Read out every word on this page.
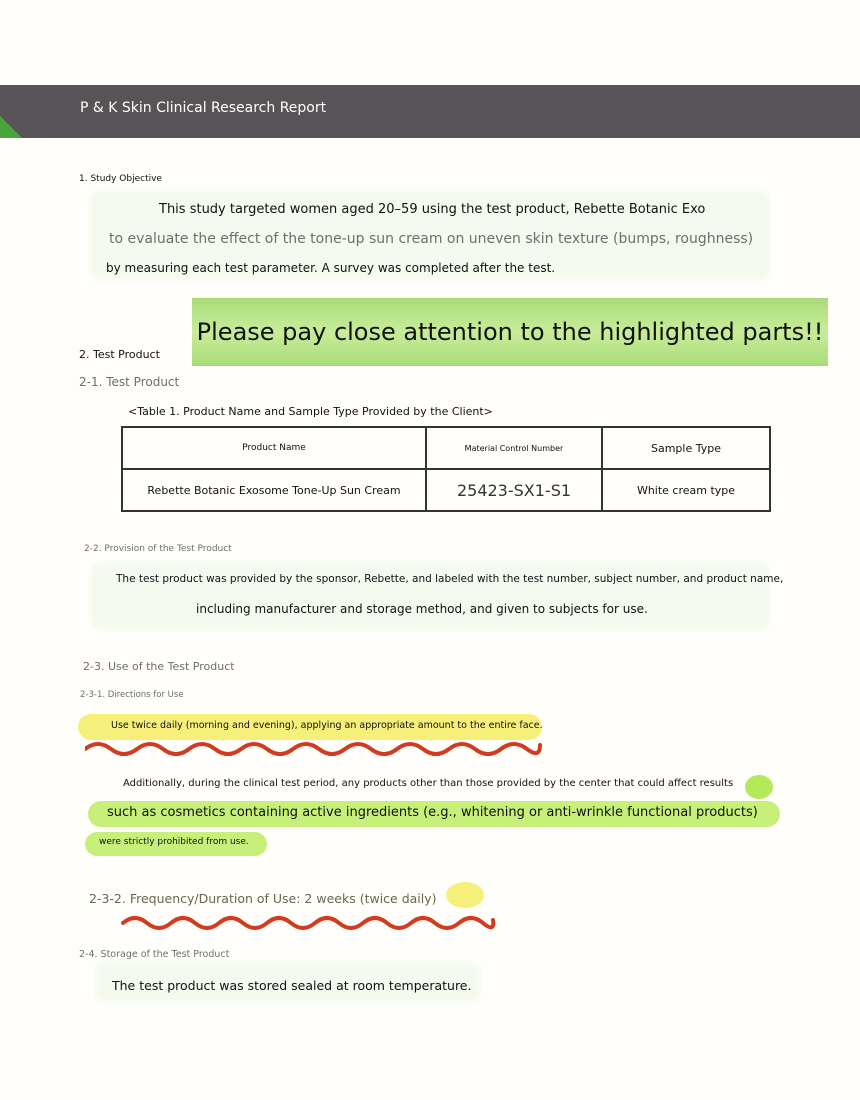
P & K Skin Clinical Research Report
1. Study Objective
This study targeted women aged 20–59 using the test product, Rebette Botanic Exo
to evaluate the effect of the tone-up sun cream on uneven skin texture (bumps, roughness)
by measuring each test parameter. A survey was completed after the test.
Please pay close attention to the highlighted parts!!
2. Test Product
2-1. Test Product
<Table 1. Product Name and Sample Type Provided by the Client>
Product Name	Material Control Number	Sample Type
Rebette Botanic Exosome Tone-Up Sun Cream	25423-SX1-S1	White cream type
2-2. Provision of the Test Product
The test product was provided by the sponsor, Rebette, and labeled with the test number, subject number, and product name,
including manufacturer and storage method, and given to subjects for use.
2-3. Use of the Test Product
2-3-1. Directions for Use
Use twice daily (morning and evening), applying an appropriate amount to the entire face.
Additionally, during the clinical test period, any products other than those provided by the center that could affect results
such as cosmetics containing active ingredients (e.g., whitening or anti-wrinkle functional products)
were strictly prohibited from use.
2-3-2. Frequency/Duration of Use: 2 weeks (twice daily)
2-4. Storage of the Test Product
The test product was stored sealed at room temperature.
